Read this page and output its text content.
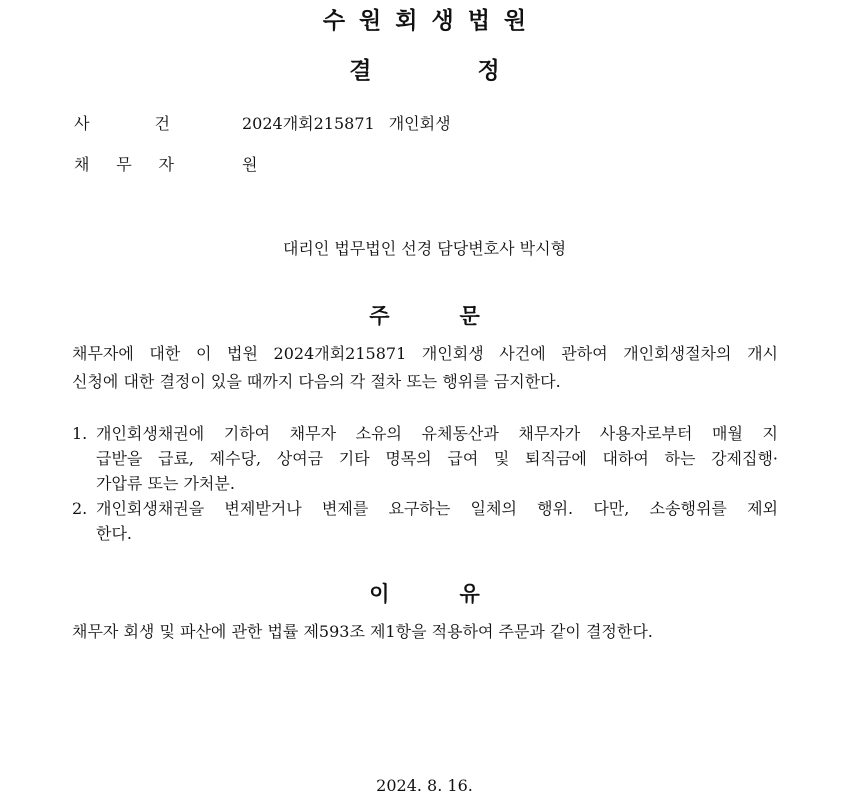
수원회생법원
결	정
사	건	2024개회215871 개인회생
채 무 자	원
대리인 법무법인 선경 담당변호사 박시형
주	문
채무자에 대한 이 법원 2024개회215871 개인회생 사건에 관하여 개인회생절차의 개시
신청에 대한 결정이 있을 때까지 다음의 각 절차 또는 행위를 금지한다.
1. 개인회생채권에 기하여 채무자 소유의 유체동산과 채무자가 사용자로부터 매월 지
급받을 급료, 제수당, 상여금 기타 명목의 급여 및 퇴직금에 대하여 하는 강제집행·
가압류 또는 가처분.
2. 개인회생채권을 변제받거나 변제를 요구하는 일체의 행위. 다만, 소송행위를 제외
한다.
이	유
채무자 회생 및 파산에 관한 법률 제593조 제1항을 적용하여 주문과 같이 결정한다.
2024. 8. 16.
